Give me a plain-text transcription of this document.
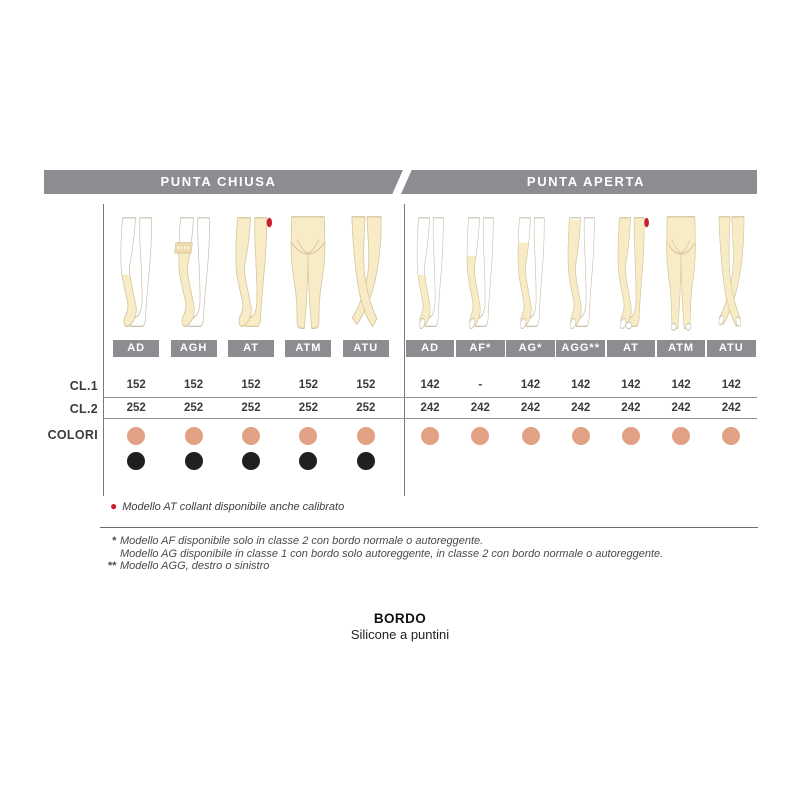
PUNTA CHIUSA	PUNTA APERTA
CL.1
CL.2
COLORI
AD
152
252
AGH
152
252
AT
152
252
ATM
152
252
ATU
152
252
AD
142
242
AF*
-
242
AG*
142
242
AGG**
142
242
AT
142
242
ATM
142
242
ATU
142
242
● Modello AT collant disponibile anche calibrato
* Modello AF disponibile solo in classe 2 con bordo normale o autoreggente.
Modello AG disponibile in classe 1 con bordo solo autoreggente, in classe 2 con bordo normale o autoreggente.
** Modello AGG, destro o sinistro
BORDO
Silicone a puntini
